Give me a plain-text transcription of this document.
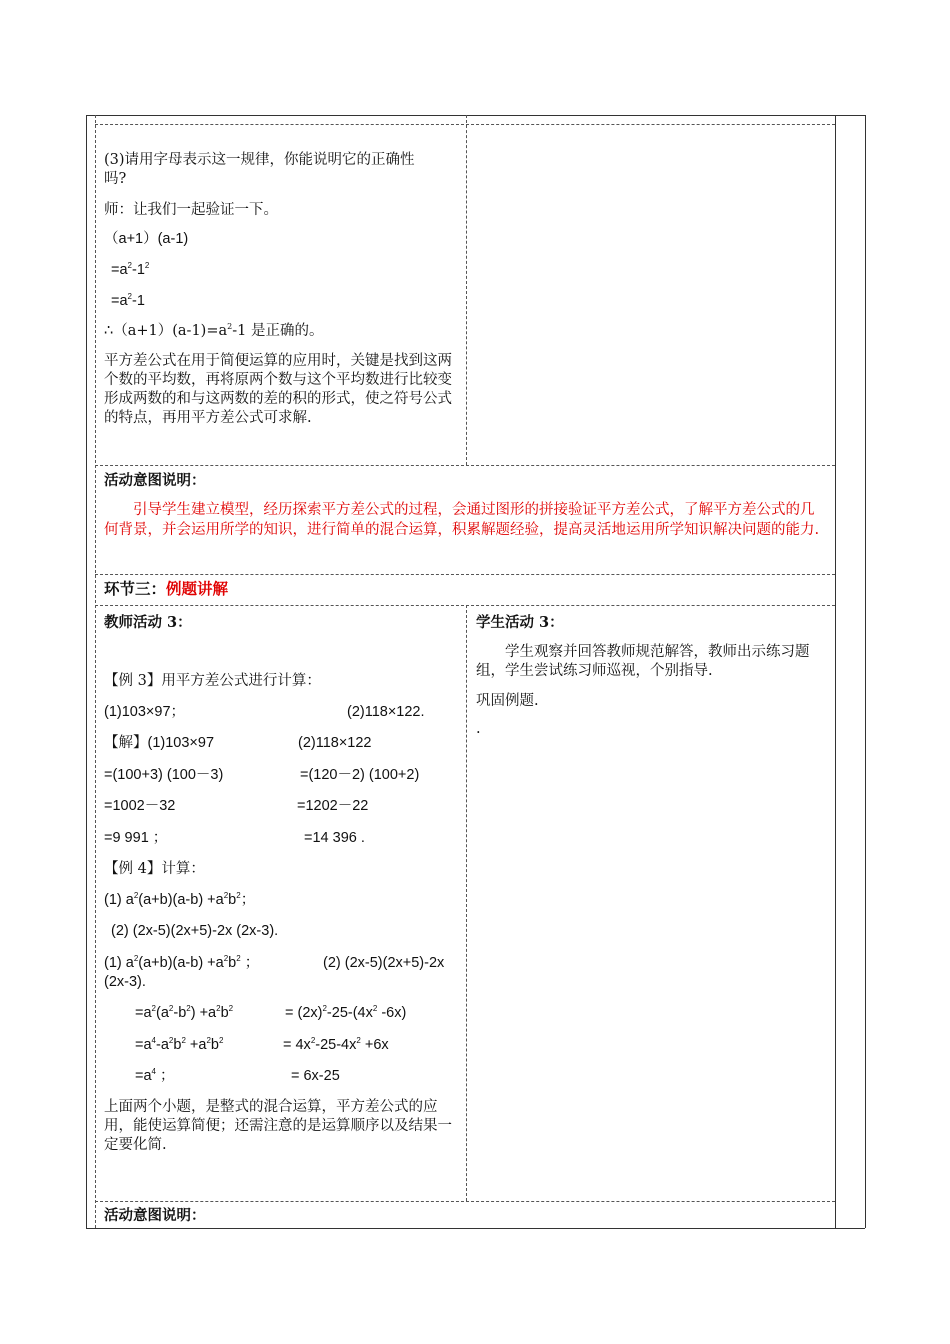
(3)请用字母表示这一规律，你能说明它的正确性
吗?
师：让我们一起验证一下。
（a+1）(a-1)
$=a^2-1^2$
$=a^2-1$
$\therefore(a+1)(a-1)=a^2-1$ 是正确的。
平方差公式在用于简便运算的应用时，关键是找到这两个数的平均数，再将原两个数与这个平均数进行比较变形成两数的和与这两数的差的积的形式，使之符号公式的特点，再用平方差公式可求解.
活动意图说明：
引导学生建立模型，经历探索平方差公式的过程，会通过图形的拼接验证平方差公式，了解平方差公式的几何背景，并会运用所学的知识，进行简单的混合运算，积累解题经验，提高灵活地运用所学知识解决问题的能力.
环节三：例题讲解
教师活动 3：
【例 3】用平方差公式进行计算：
(1)103×97；	(2)118×122.
【解】(1)103×97	(2)118×122
=(100+3) (100－3)	=(120－2) (100+2)
=1002－32	=1202－22
=9 991 ；	=14 396 .
【例 4】计算：
(1) $a^2(a+b)(a-b) +a^2b^2$；
(2) (2x-5)(2x+5)-2x (2x-3).
(1) $a^2(a+b)(a-b) +a^2b^2$ ；	(2) (2x-5)(2x+5)-2x
(2x-3).
$=a^2(a^2-b^2) +a^2b^2$	= $(2x)^2-25-(4x^2$ -6x)
$=a^4-a^2b^2 +a^2b^2$	= $4x^2-25-4x^2 +6x$
$=a^4$ ；	= 6x-25
上面两个小题，是整式的混合运算，平方差公式的应用，能使运算简便；还需注意的是运算顺序以及结果一定要化简.
学生活动 3：
学生观察并回答教师规范解答，教师出示练习题组，学生尝试练习师巡视，个别指导.
巩固例题.
.
活动意图说明：
